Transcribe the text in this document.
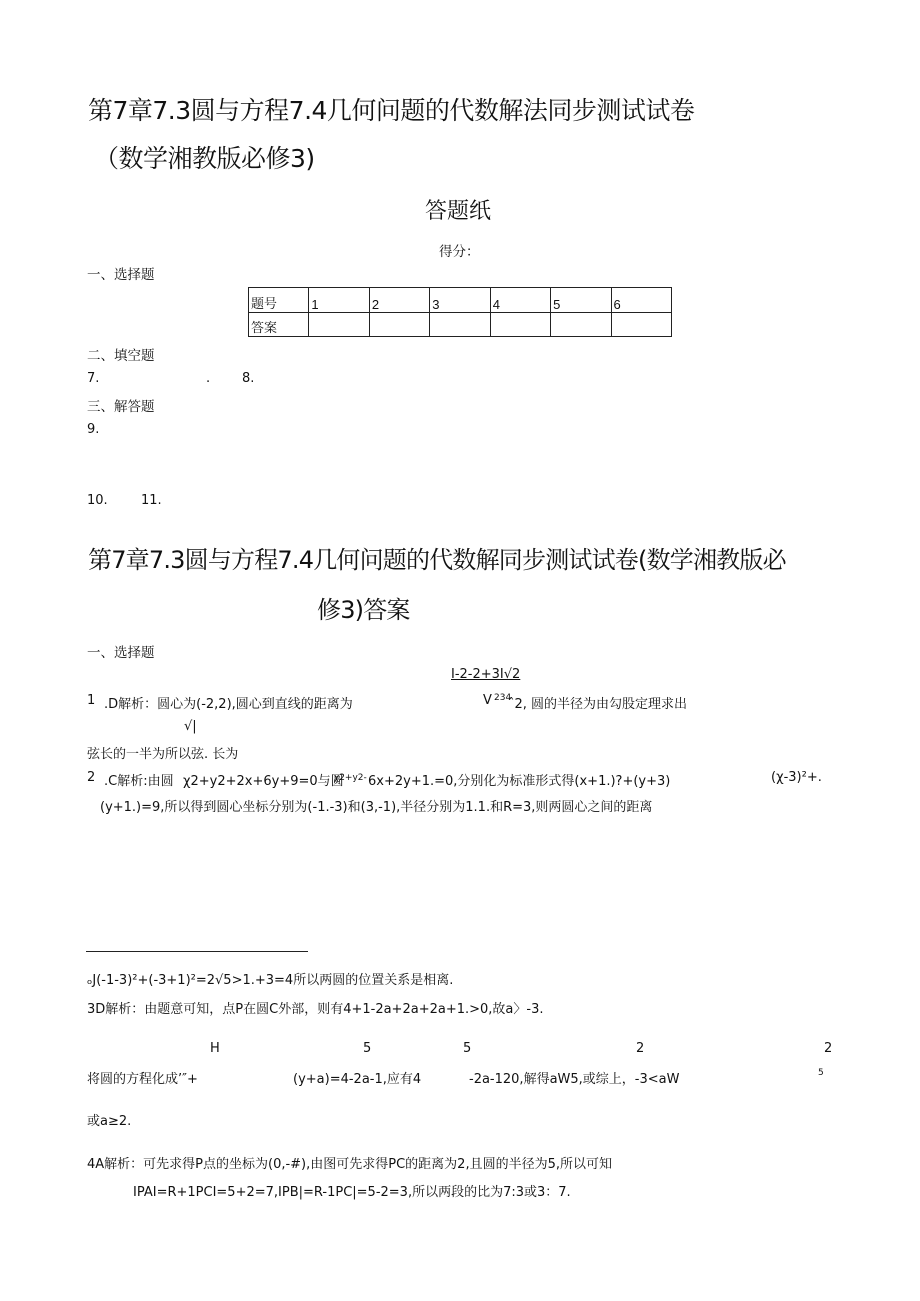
第7章7.3圆与方程7.4几何问题的代数解法同步测试试卷
（数学湘教版必修3)
答题纸
得分：
一、选择题
题号	1	2	3	4	5	6
答案						
二、填空题
7.	. 8.
三、解答题
9.
10.	11.
第7章7.3圆与方程7.4几何问题的代数解同步测试试卷(数学湘教版必
修3)答案
一、选择题
I-2-2+3I√2
1 .D解析：圆心为(-2,2),圆心到直线的距离为	V 234
ˆ2, 圆的半径为由勾股定理求出
√|
弦长的一半为所以弦. 长为
2 .C解析:由圆 χ2+y2+2x+6y+9=0与圆
χ2+y2- 6x+2y+1.=0,分别化为标准形式得(x+1.)?+(y+3)	(χ-3)²+.
(y+1.)=9,所以得到圆心坐标分别为(-1.-3)和(3,-1),半径分别为1.1.和R=3,则两圆心之间的距离
ₒJ(-1-3)²+(-3+1)²=2√5>1.+3=4所以两圆的位置关系是相离.
3D解析：由题意可知，点P在圆C外部，则有4+1-2a+2a+2a+1.>0,故a〉-3.
H	5	5	2	2
将圆的方程化成’″+	(y+a)=4-2a-1,应有4	-2a-120,解得aW5,或综上，-3<aW	5
或a≥2.
4A解析：可先求得P点的坐标为(0,-#),由图可先求得PC的距离为2,且圆的半径为5,所以可知
IPAI=R+1PCI=5+2=7,IPB|=R-1PC|=5-2=3,所以两段的比为7:3或3：7.
